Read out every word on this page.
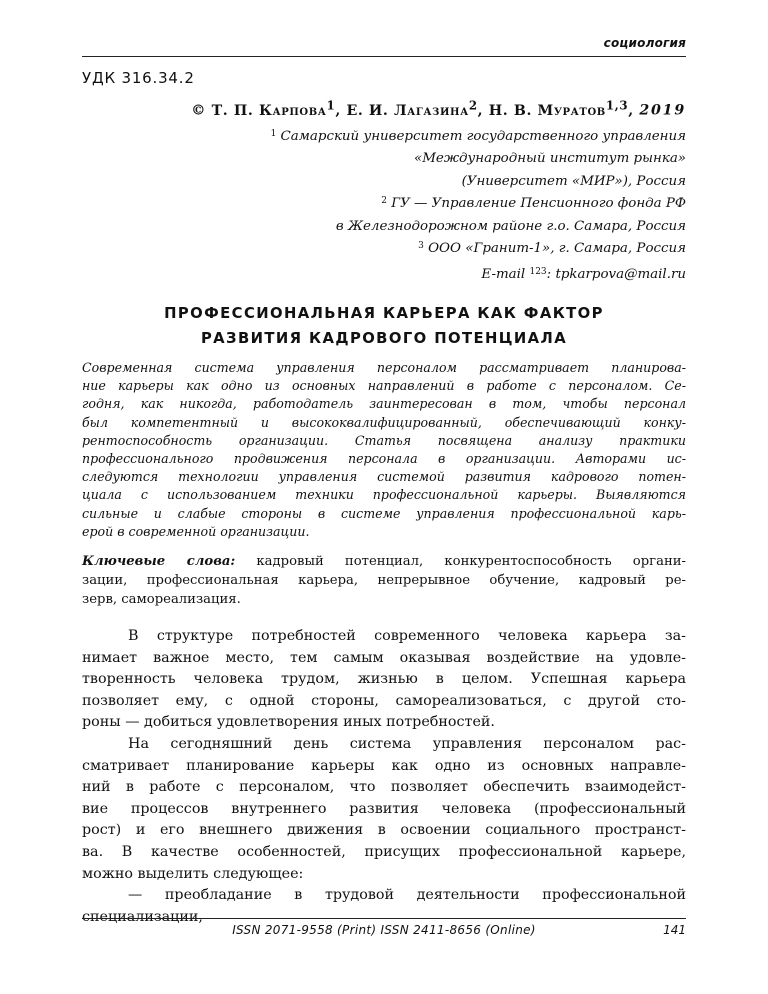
социология
УДК 316.34.2
© Т. П. Карпова$^1$, Е. И. Лагазина$^2$, Н. В. Муратов$^{1,3}$, 2019
$^1$ Самарский университет государственного управления
«Международный институт рынка»
(Университет «МИР»), Россия
$^2$ ГУ — Управление Пенсионного фонда РФ
в Железнодорожном районе г.о. Самара, Россия
$^3$ ООО «Гранит-1», г. Самара, Россия
E-mail $^{123}$: tpkarpova@mail.ru
ПРОФЕССИОНАЛЬНАЯ КАРЬЕРА КАК ФАКТОР
РАЗВИТИЯ КАДРОВОГО ПОТЕНЦИАЛА
Современная система управления персоналом рассматривает планирова-
ние карьеры как одно из основных направлений в работе с персоналом. Се-
годня, как никогда, работодатель заинтересован в том, чтобы персонал
был компетентный и высококвалифицированный, обеспечивающий конку-
рентоспособность организации. Статья посвящена анализу практики
профессионального продвижения персонала в организации. Авторами ис-
следуются технологии управления системой развития кадрового потен-
циала с использованием техники профессиональной карьеры. Выявляются
сильные и слабые стороны в системе управления профессиональной карь-
ерой в современной организации.
Ключевые слова: кадровый потенциал, конкурентоспособность органи-
зации, профессиональная карьера, непрерывное обучение, кадровый ре-
зерв, самореализация.

В структуре потребностей современного человека карьера за-
нимает важное место, тем самым оказывая воздействие на удовле-
творенность человека трудом, жизнью в целом. Успешная карьера
позволяет ему, с одной стороны, самореализоваться, с другой сто-
роны — добиться удовлетворения иных потребностей.

На сегодняшний день система управления персоналом рас-
сматривает планирование карьеры как одно из основных направле-
ний в работе с персоналом, что позволяет обеспечить взаимодейст-
вие процессов внутреннего развития человека (профессиональный
рост) и его внешнего движения в освоении социального пространст-
ва. В качестве особенностей, присущих профессиональной карьере,
можно выделить следующее:

— преобладание в трудовой деятельности профессиональной
специализации,

ISSN 2071-9558 (Print) ISSN 2411-8656 (Online)	141
